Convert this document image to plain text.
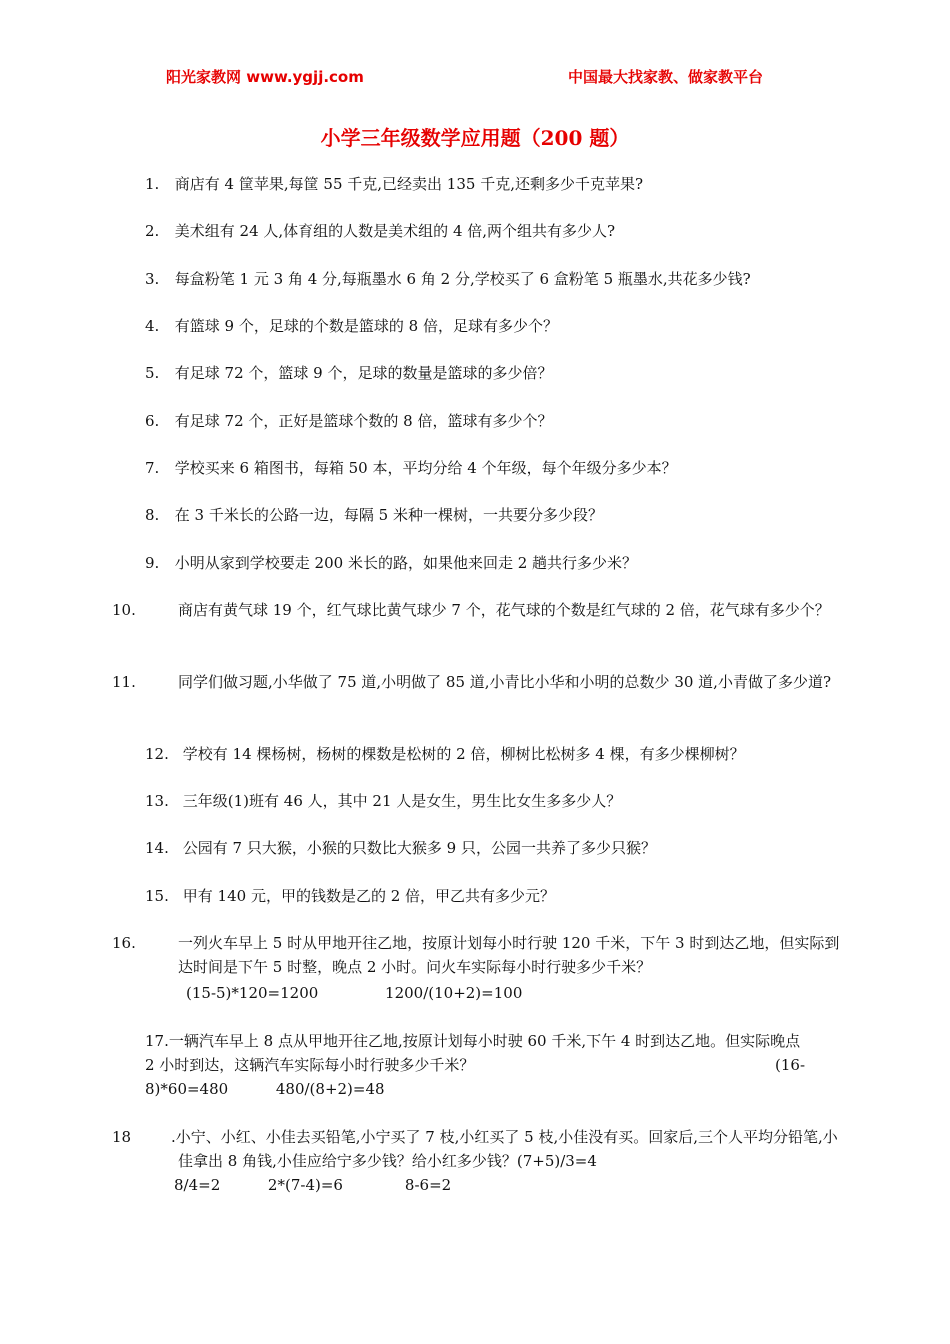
阳光家教网 www.ygjj.com	中国最大找家教、做家教平台
小学三年级数学应用题（200 题）
1. 商店有 4 筐苹果,每筐 55 千克,已经卖出 135 千克,还剩多少千克苹果?
2. 美术组有 24 人,体育组的人数是美术组的 4 倍,两个组共有多少人?
3. 每盒粉笔 1 元 3 角 4 分,每瓶墨水 6 角 2 分,学校买了 6 盒粉笔 5 瓶墨水,共花多少钱?
4. 有篮球 9 个，足球的个数是篮球的 8 倍，足球有多少个？
5. 有足球 72 个，篮球 9 个，足球的数量是篮球的多少倍？
6. 有足球 72 个，正好是篮球个数的 8 倍，篮球有多少个？
7. 学校买来 6 箱图书，每箱 50 本，平均分给 4 个年级，每个年级分多少本？
8. 在 3 千米长的公路一边，每隔 5 米种一棵树，一共要分多少段？
9. 小明从家到学校要走 200 米长的路，如果他来回走 2 趟共行多少米？
10.	商店有黄气球 19 个，红气球比黄气球少 7 个，花气球的个数是红气球的 2 倍，花气球有多少个？
11.	同学们做习题,小华做了 75 道,小明做了 85 道,小青比小华和小明的总数少 30 道,小青做了多少道?
12. 学校有 14 棵杨树，杨树的棵数是松树的 2 倍，柳树比松树多 4 棵，有多少棵柳树？
13. 三年级(1)班有 46 人，其中 21 人是女生，男生比女生多多少人？
14. 公园有 7 只大猴，小猴的只数比大猴多 9 只，公园一共养了多少只猴？
15. 甲有 140 元，甲的钱数是乙的 2 倍，甲乙共有多少元？
16.	一列火车早上 5 时从甲地开往乙地，按原计划每小时行驶 120 千米，下午 3 时到达乙地，但实际到达时间是下午 5 时整，晚点 2 小时。问火车实际每小时行驶多少千米？
(15-5)*120=1200              1200/(10+2)=100
17.一辆汽车早上 8 点从甲地开往乙地,按原计划每小时驶 60 千米,下午 4 时到达乙地。但实际晚点 2 小时到达，这辆汽车实际每小时行驶多少千米？	(16-
8)*60=480          480/(8+2)=48
18	.小宁、小红、小佳去买铅笔,小宁买了 7 枝,小红买了 5 枝,小佳没有买。回家后,三个人平均分铅笔,小佳拿出 8 角钱,小佳应给宁多少钱？给小红多少钱？(7+5)/3=4
8/4=2          2*(7-4)=6             8-6=2
